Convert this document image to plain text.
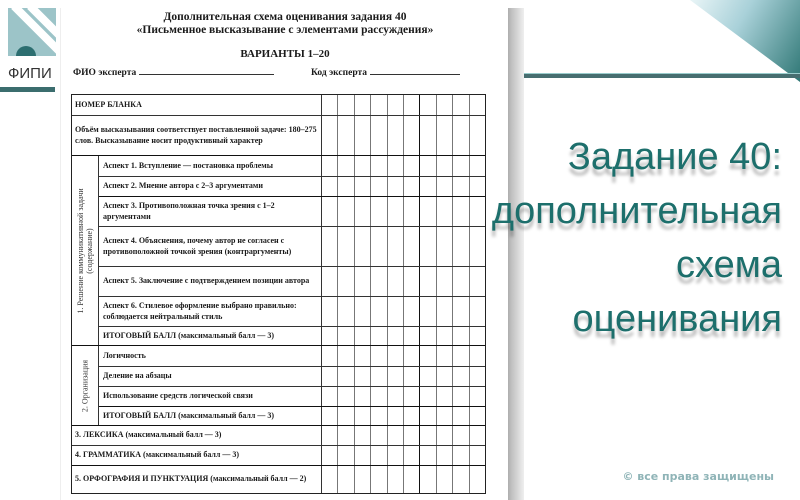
ФИПИ
Дополнительная схема оценивания задания 40
«Письменное высказывание с элементами рассуждения»
ВАРИАНТЫ 1–20
ФИО эксперта	Код эксперта
НОМЕР БЛАНКА
Объём высказывания соответствует поставленной задаче: 180–275 слов. Высказывание носит продуктивный характер
1. Решение коммуникативной задачи (содержание)
Аспект 1. Вступление — постановка проблемы
Аспект 2. Мнение автора с 2–3 аргументами
Аспект 3. Противоположная точка зрения с 1–2 аргументами
Аспект 4. Объяснения, почему автор не согласен с противоположной точкой зрения (контраргументы)
Аспект 5. Заключение с подтверждением позиции автора
Аспект 6. Стилевое оформление выбрано правильно: соблюдается нейтральный стиль
ИТОГОВЫЙ БАЛЛ (максимальный балл — 3)
2. Организация
Логичность
Деление на абзацы
Использование средств логической связи
ИТОГОВЫЙ БАЛЛ (максимальный балл — 3)
3. ЛЕКСИКА (максимальный балл — 3)
4. ГРАММАТИКА (максимальный балл — 3)
5. ОРФОГРАФИЯ И ПУНКТУАЦИЯ (максимальный балл — 2)
Задание 40:
дополнительная
схема
оценивания
© все права защищены
